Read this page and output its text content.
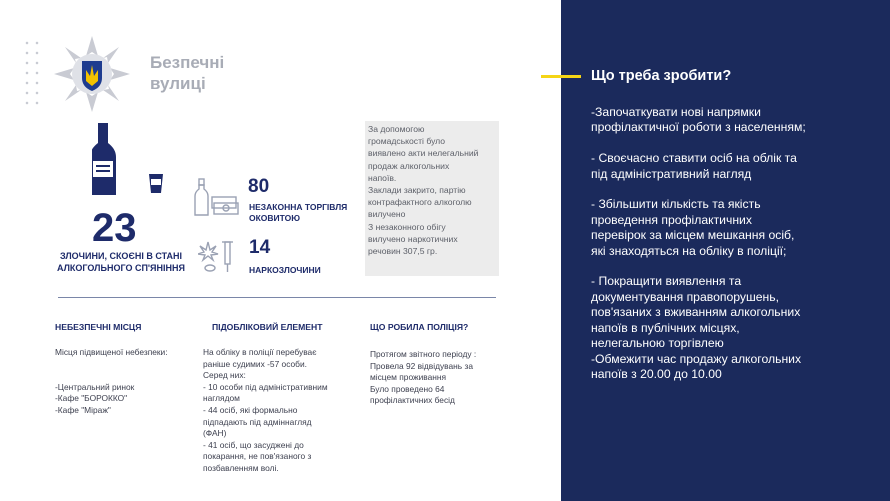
Безпечні вулиці
23
ЗЛОЧИНИ, СКОЄНІ В СТАНІ АЛКОГОЛЬНОГО СП'ЯНІННЯ
80
НЕЗАКОННА ТОРГІВЛЯ ОКОВИТОЮ
14
НАРКОЗЛОЧИНИ
За допомогою
громадськості було
виявлено акти нелегальний
продаж алкогольних
напоїв.
Заклади закрито, партію
контрафактного алкоголю
вилучено
З незаконного обігу
вилучено наркотичних
речовин 307,5 гр.
НЕБЕЗПЕЧНІ МІСЦЯ
Місця підвищеної небезпеки:

-Центральний ринок
-Кафе "БОРОККО"
-Кафе "Міраж"
ПІДОБЛІКОВИЙ ЕЛЕМЕНТ
На обліку в поліції перебуває
раніше судимих -57 особи.
Серед них:
- 10 особи під адміністративним
наглядом
- 44 осіб, які формально
підпадають під адміннагляд
(ФАН)
- 41 осіб, що засуджені до
покарання, не пов'язаного з
позбавленням волі.
ЩО РОБИЛА ПОЛІЦІЯ?
Протягом звітного періоду :
Провела 92 відвідувань за
місцем проживання
Було проведено 64
профілактичних бесід
Що треба зробити?
-Започаткувати нові напрямки
профілактичної роботи з населенням;

- Своєчасно ставити осіб на облік та
під адміністративний нагляд

- Збільшити кількість та якість
проведення профілактичних
перевірок за місцем мешкання осіб,
які знаходяться на обліку в поліції;

- Покращити виявлення та
документування правопорушень,
пов'язаних з вживанням алкогольних
напоїв в публічних місцях,
нелегальною торгівлею
-Обмежити час продажу алкогольних
напоїв з 20.00 до 10.00
